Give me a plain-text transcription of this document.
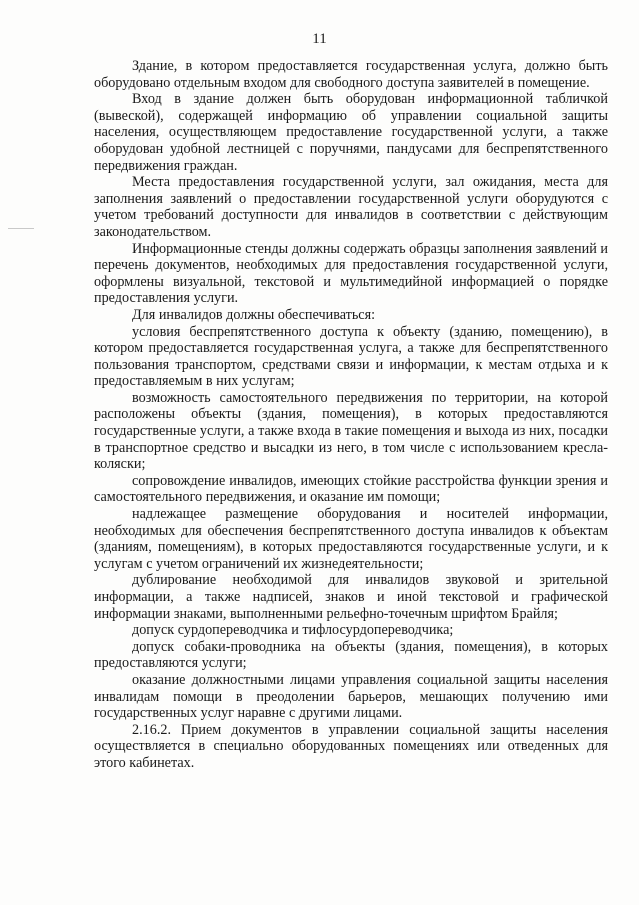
11

Здание, в котором предоставляется государственная услуга, должно быть оборудовано отдельным входом для свободного доступа заявителей в помещение.

Вход в здание должен быть оборудован информационной табличкой (вывеской), содержащей информацию об управлении социальной защиты населения, осуществляющем предоставление государственной услуги, а также оборудован удобной лестницей с поручнями, пандусами для беспрепятственного передвижения граждан.

Места предоставления государственной услуги, зал ожидания, места для заполнения заявлений о предоставлении государственной услуги оборудуются с учетом требований доступности для инвалидов в соответствии с действующим законодательством.

Информационные стенды должны содержать образцы заполнения заявлений и перечень документов, необходимых для предоставления государственной услуги, оформлены визуальной, текстовой и мультимедийной информацией о порядке предоставления услуги.

Для инвалидов должны обеспечиваться:

условия беспрепятственного доступа к объекту (зданию, помещению), в котором предоставляется государственная услуга, а также для беспрепятственного пользования транспортом, средствами связи и информации, к местам отдыха и к предоставляемым в них услугам;

возможность самостоятельного передвижения по территории, на которой расположены объекты (здания, помещения), в которых предоставляются государственные услуги, а также входа в такие помещения и выхода из них, посадки в транспортное средство и высадки из него, в том числе с использованием кресла-коляски;

сопровождение инвалидов, имеющих стойкие расстройства функции зрения и самостоятельного передвижения, и оказание им помощи;

надлежащее размещение оборудования и носителей информации, необходимых для обеспечения беспрепятственного доступа инвалидов к объектам (зданиям, помещениям), в которых предоставляются государственные услуги, и к услугам с учетом ограничений их жизнедеятельности;

дублирование необходимой для инвалидов звуковой и зрительной информации, а также надписей, знаков и иной текстовой и графической информации знаками, выполненными рельефно-точечным шрифтом Брайля;

допуск сурдопереводчика и тифлосурдопереводчика;

допуск собаки-проводника на объекты (здания, помещения), в которых предоставляются услуги;

оказание должностными лицами управления социальной защиты населения инвалидам помощи в преодолении барьеров, мешающих получению ими государственных услуг наравне с другими лицами.

2.16.2. Прием документов в управлении социальной защиты населения осуществляется в специально оборудованных помещениях или отведенных для этого кабинетах.
